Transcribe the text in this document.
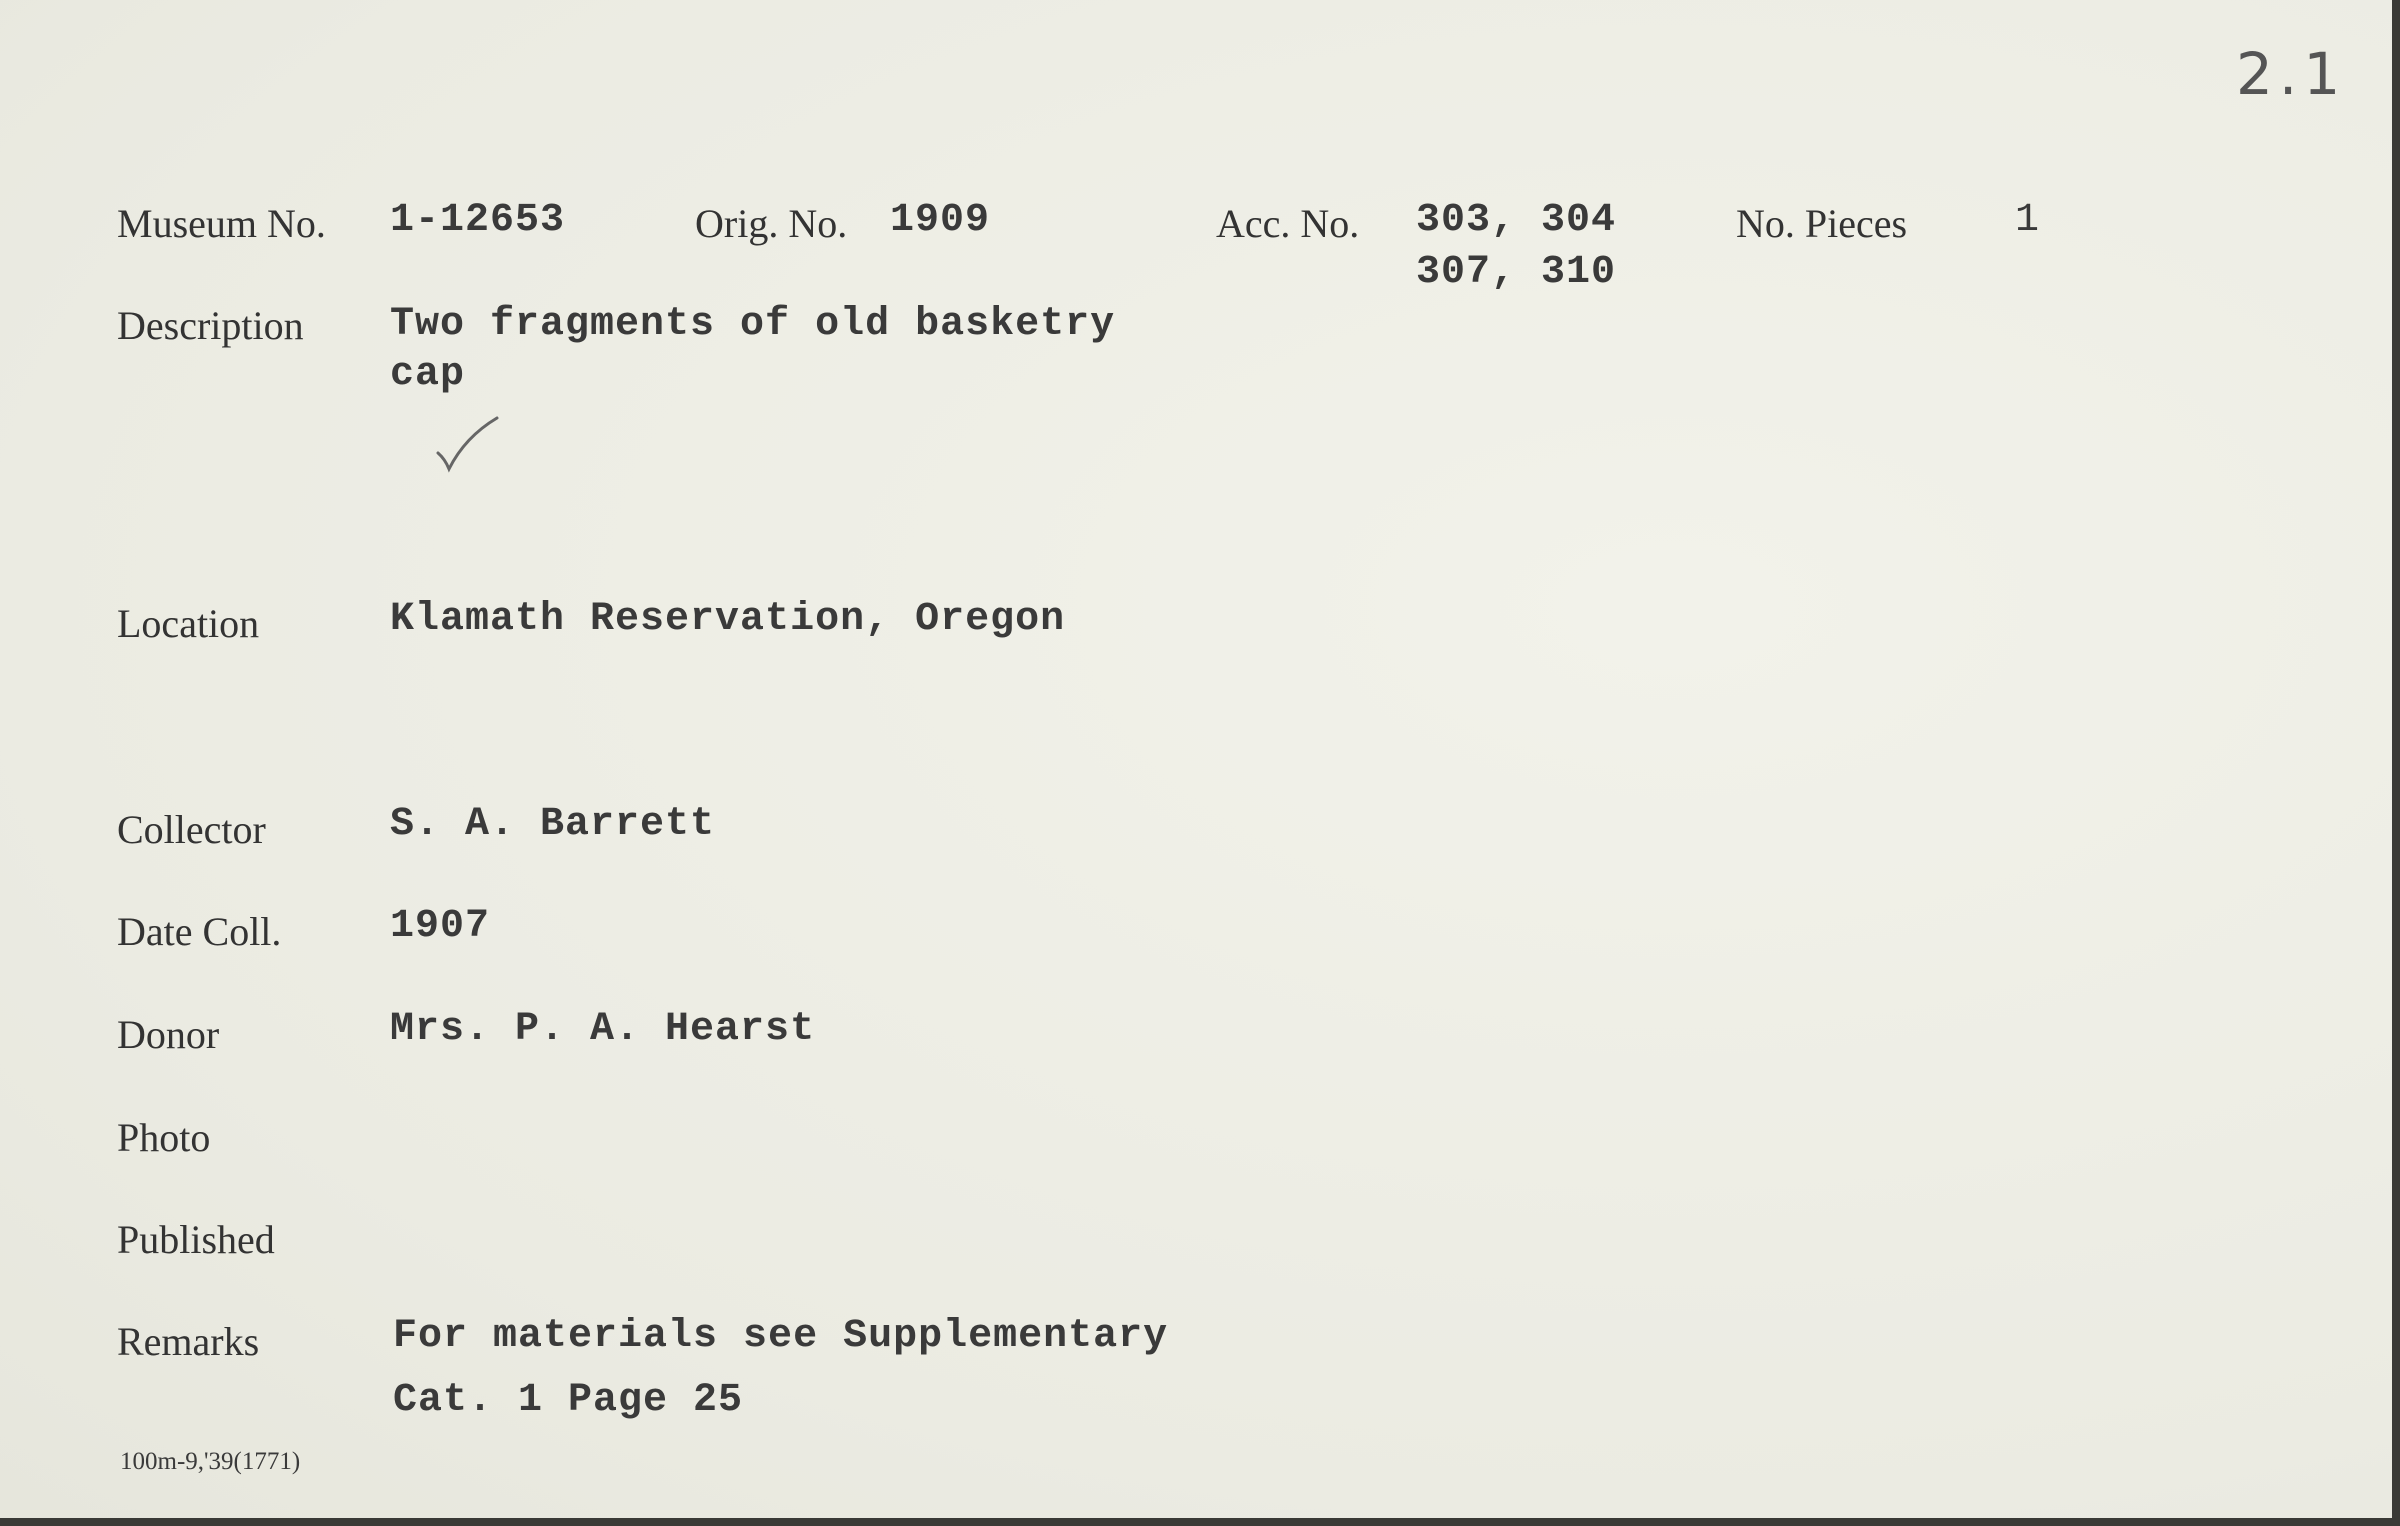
2.1
Museum No. 1-12653	Orig. No. 1909	Acc. No. 303, 304
307, 310
No. Pieces	1
Description Two fragments of old basketry
cap
Location	Klamath Reservation, Oregon
Collector	S. A. Barrett
Date Coll.	1907
Donor	Mrs. P. A. Hearst
Photo
Published
Remarks	For materials see Supplementary
Cat. 1 Page 25
100m-9,'39(1771)
